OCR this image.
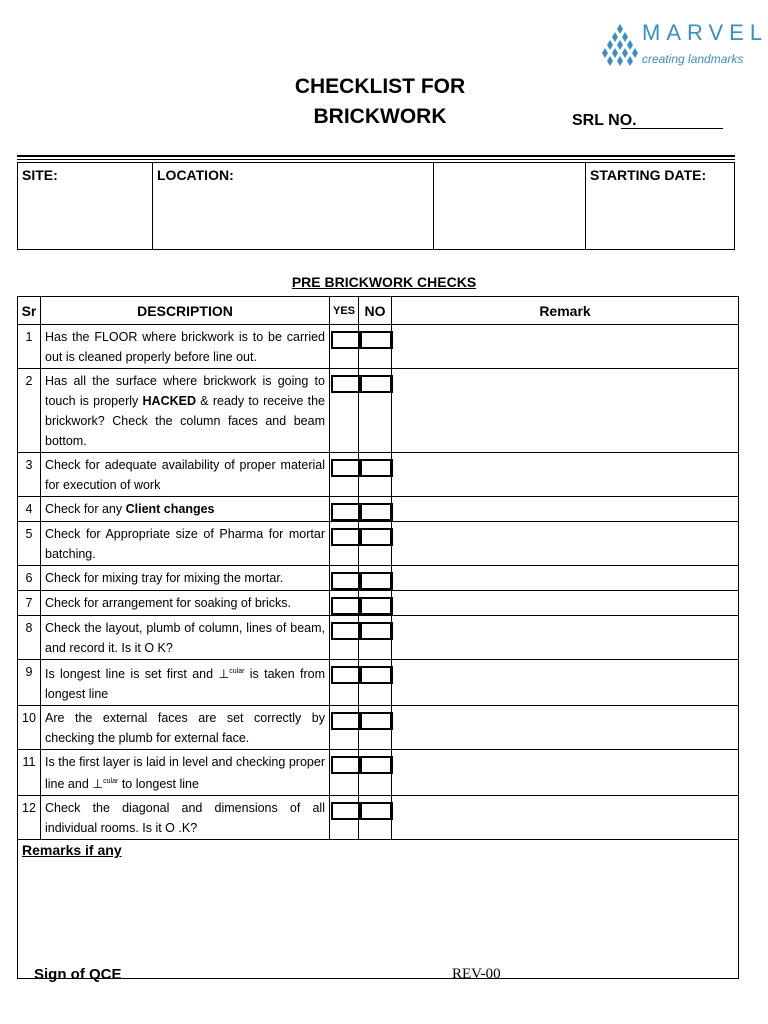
MARVEL
creating landmarks
CHECKLIST FOR
BRICKWORK	SRL NO.
SITE:	LOCATION:	STARTING DATE:
PRE BRICKWORK CHECKS
Sr	DESCRIPTION	YES	NO	Remark
1	Has the FLOOR where brickwork is to be carried out is cleaned properly before line out.	

2	Has all the surface where brickwork is going to touch is properly HACKED & ready to receive the brickwork? Check the column faces and beam bottom.	

3	Check for adequate availability of proper material for execution of work	

4	Check for any Client changes	

5	Check for Appropriate size of Pharma for mortar batching.	

6	Check for mixing tray for mixing the mortar.	

7	Check for arrangement for soaking of bricks.	

8	Check the layout, plumb of column, lines of beam, and record it. Is it O K?	

9	Is longest line is set first and ⊥$^{cular}$ is taken from longest line	

10	Are the external faces are set correctly by checking the plumb for external face.	

11	Is the first layer is laid in level and checking proper line and ⊥$^{cular}$ to longest line	

12	Check the diagonal and dimensions of all individual rooms. Is it O .K?	

Remarks if any				
Sign of QCE	REV-00
